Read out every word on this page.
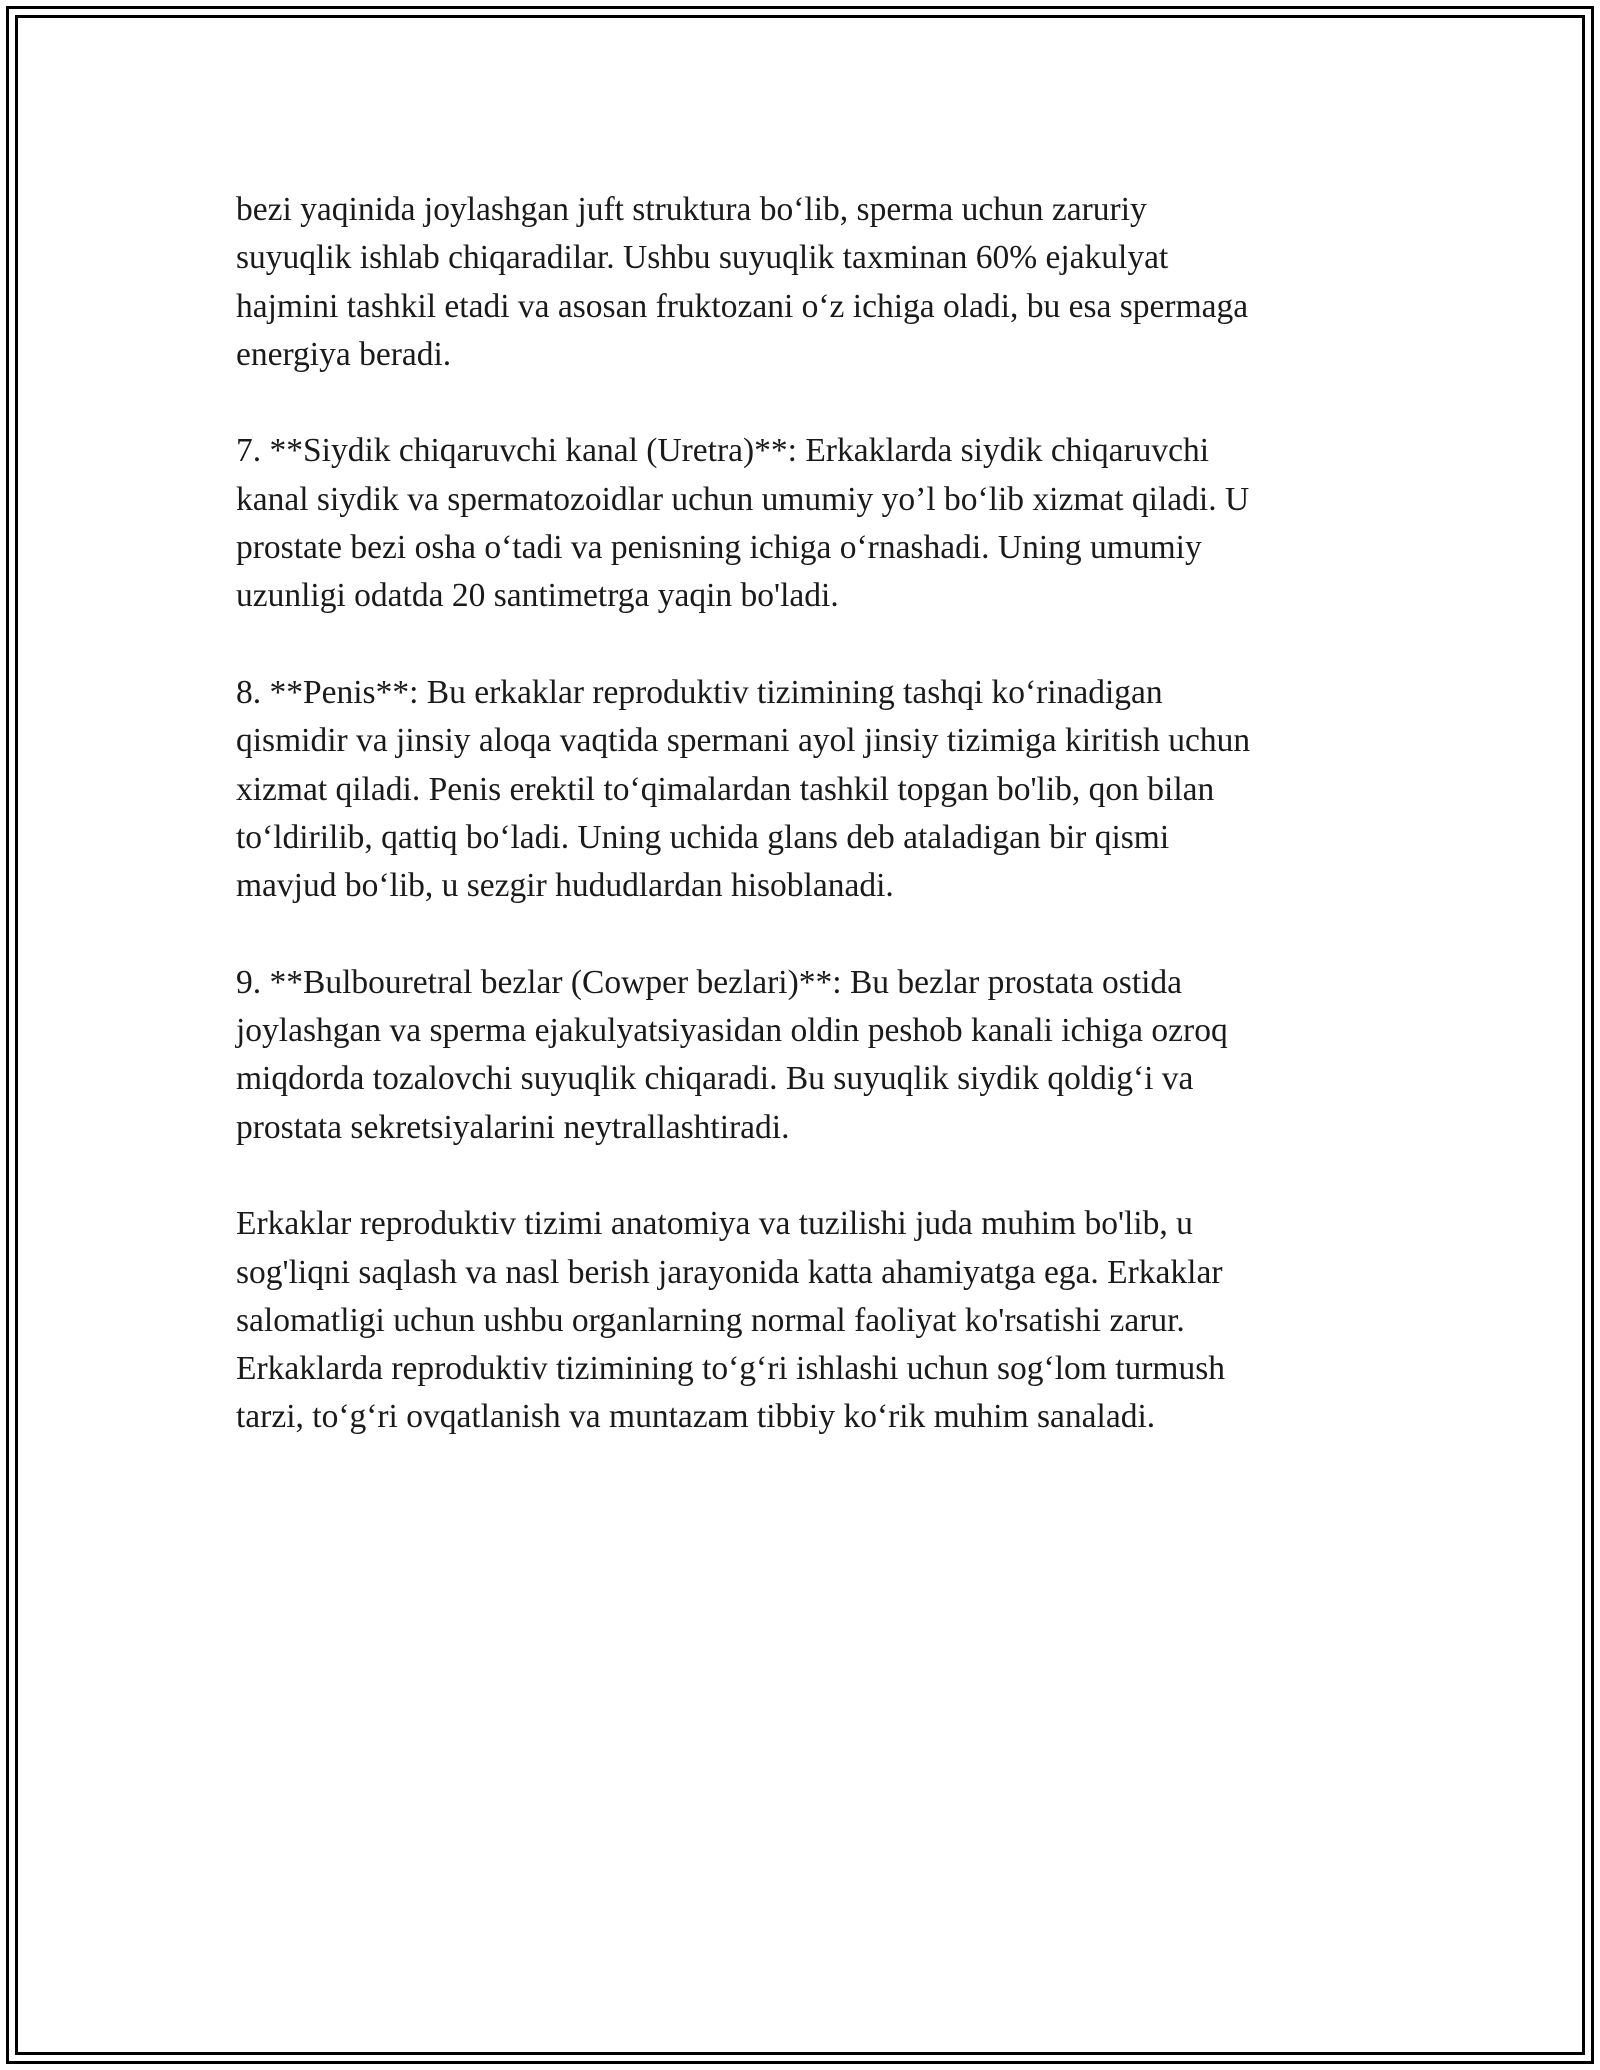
bezi yaqinida joylashgan juft struktura bo‘lib, sperma uchun zaruriy
suyuqlik ishlab chiqaradilar. Ushbu suyuqlik taxminan 60% ejakulyat
hajmini tashkil etadi va asosan fruktozani o‘z ichiga oladi, bu esa spermaga
energiya beradi.

7. **Siydik chiqaruvchi kanal (Uretra)**: Erkaklarda siydik chiqaruvchi
kanal siydik va spermatozoidlar uchun umumiy yo’l bo‘lib xizmat qiladi. U
prostate bezi osha o‘tadi va penisning ichiga o‘rnashadi. Uning umumiy
uzunligi odatda 20 santimetrga yaqin bo'ladi.

8. **Penis**: Bu erkaklar reproduktiv tizimining tashqi ko‘rinadigan
qismidir va jinsiy aloqa vaqtida spermani ayol jinsiy tizimiga kiritish uchun
xizmat qiladi. Penis erektil to‘qimalardan tashkil topgan bo'lib, qon bilan
to‘ldirilib, qattiq bo‘ladi. Uning uchida glans deb ataladigan bir qismi
mavjud bo‘lib, u sezgir hududlardan hisoblanadi.

9. **Bulbouretral bezlar (Cowper bezlari)**: Bu bezlar prostata ostida
joylashgan va sperma ejakulyatsiyasidan oldin peshob kanali ichiga ozroq
miqdorda tozalovchi suyuqlik chiqaradi. Bu suyuqlik siydik qoldig‘i va
prostata sekretsiyalarini neytrallashtiradi.

Erkaklar reproduktiv tizimi anatomiya va tuzilishi juda muhim bo'lib, u
sog'liqni saqlash va nasl berish jarayonida katta ahamiyatga ega. Erkaklar
salomatligi uchun ushbu organlarning normal faoliyat ko'rsatishi zarur.
Erkaklarda reproduktiv tizimining to‘g‘ri ishlashi uchun sog‘lom turmush
tarzi, to‘g‘ri ovqatlanish va muntazam tibbiy ko‘rik muhim sanaladi.
